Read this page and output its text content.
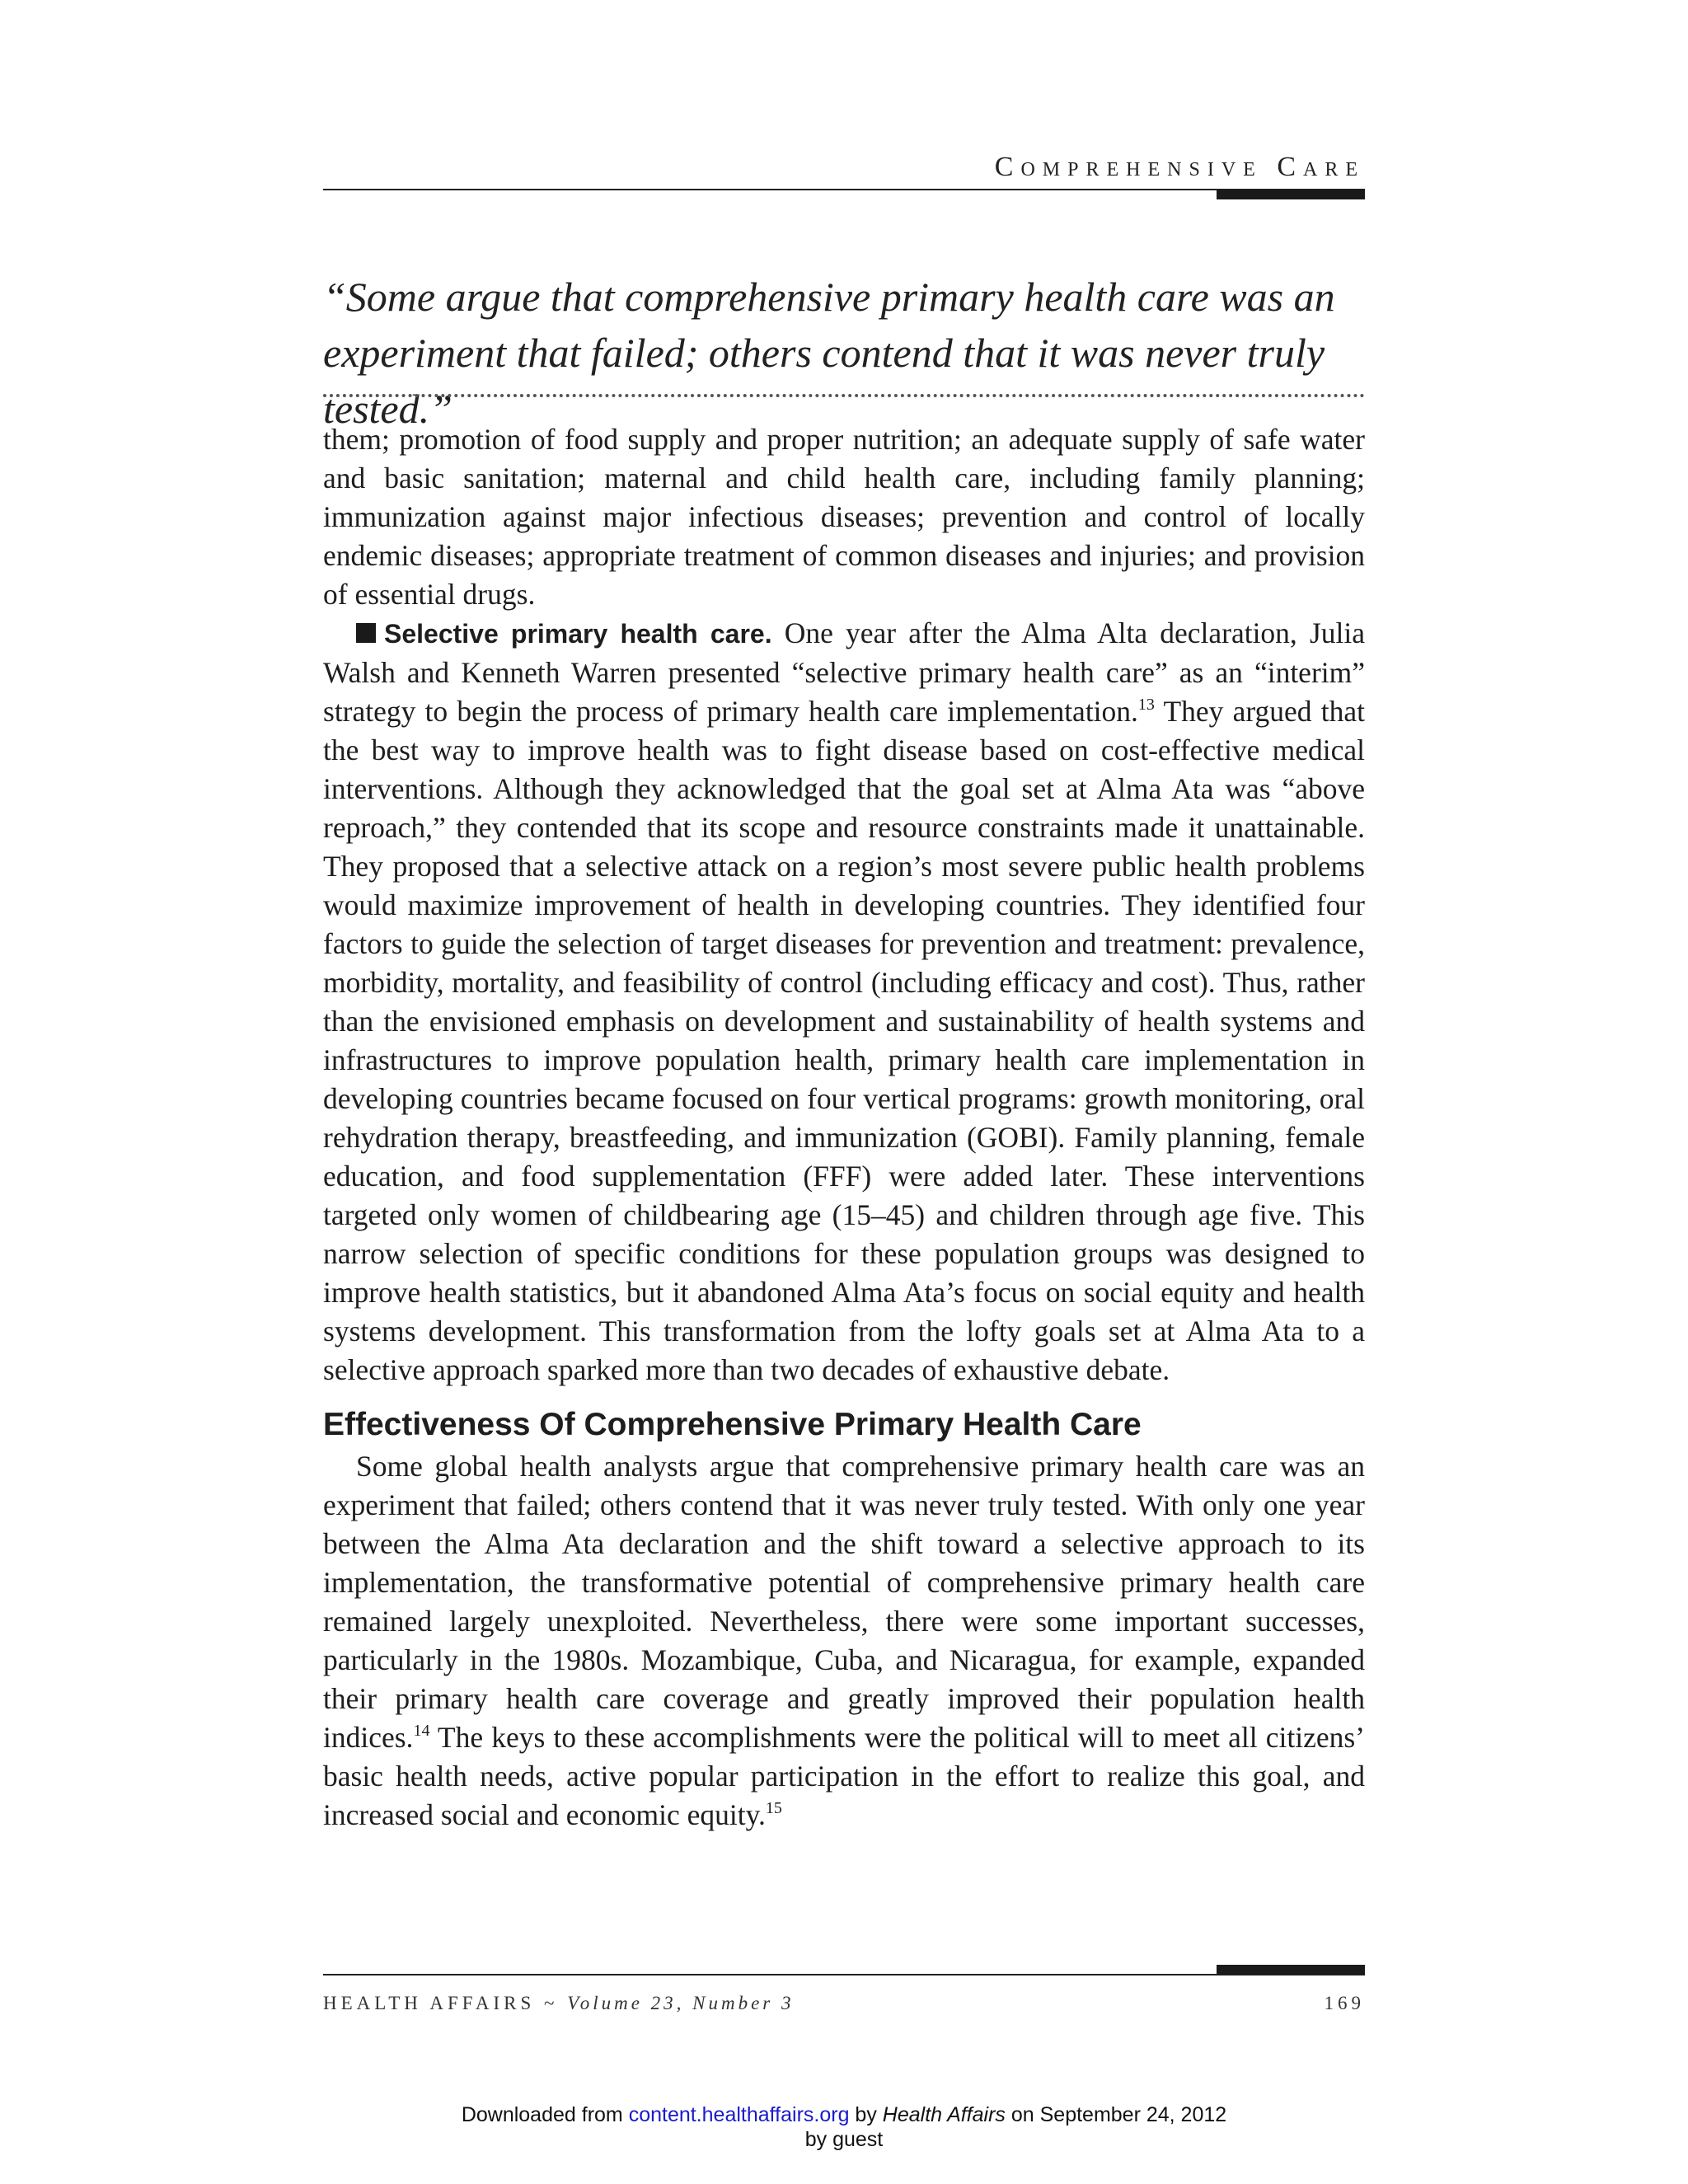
Comprehensive Care

“Some argue that comprehensive primary health care was an
experiment that failed; others contend that it was never truly tested.”

them; promotion of food supply and proper nutrition; an adequate supply of safe water and basic sanitation; maternal and child health care, including family planning; immunization against major infectious diseases; prevention and control of locally endemic diseases; appropriate treatment of common diseases and injuries; and provision of essential drugs.

Selective primary health care. One year after the Alma Alta declaration, Julia Walsh and Kenneth Warren presented “selective primary health care” as an “interim” strategy to begin the process of primary health care implementation.$^{13}$ They argued that the best way to improve health was to fight disease based on cost-effective medical interventions. Although they acknowledged that the goal set at Alma Ata was “above reproach,” they contended that its scope and resource constraints made it unattainable. They proposed that a selective attack on a region’s most severe public health problems would maximize improvement of health in developing countries. They identified four factors to guide the selection of target diseases for prevention and treatment: prevalence, morbidity, mortality, and feasibility of control (including efficacy and cost). Thus, rather than the envisioned emphasis on development and sustainability of health systems and infrastructures to improve population health, primary health care implementation in developing countries became focused on four vertical programs: growth monitoring, oral rehydration therapy, breastfeeding, and immunization (GOBI). Family planning, female education, and food supplementation (FFF) were added later. These interventions targeted only women of childbearing age (15–45) and children through age five. This narrow selection of specific conditions for these population groups was designed to improve health statistics, but it abandoned Alma Ata’s focus on social equity and health systems development. This transformation from the lofty goals set at Alma Ata to a selective approach sparked more than two decades of exhaustive debate.

Effectiveness Of Comprehensive Primary Health Care

Some global health analysts argue that comprehensive primary health care was an experiment that failed; others contend that it was never truly tested. With only one year between the Alma Ata declaration and the shift toward a selective approach to its implementation, the transformative potential of comprehensive primary health care remained largely unexploited. Nevertheless, there were some important successes, particularly in the 1980s. Mozambique, Cuba, and Nicaragua, for example, expanded their primary health care coverage and greatly improved their population health indices.$^{14}$ The keys to these accomplishments were the political will to meet all citizens’ basic health needs, active popular participation in the effort to realize this goal, and increased social and economic equity.$^{15}$

HEALTH AFFAIRS ~ Volume 23, Number 3	169
Downloaded from content.healthaffairs.org by Health Affairs on September 24, 2012
by guest
